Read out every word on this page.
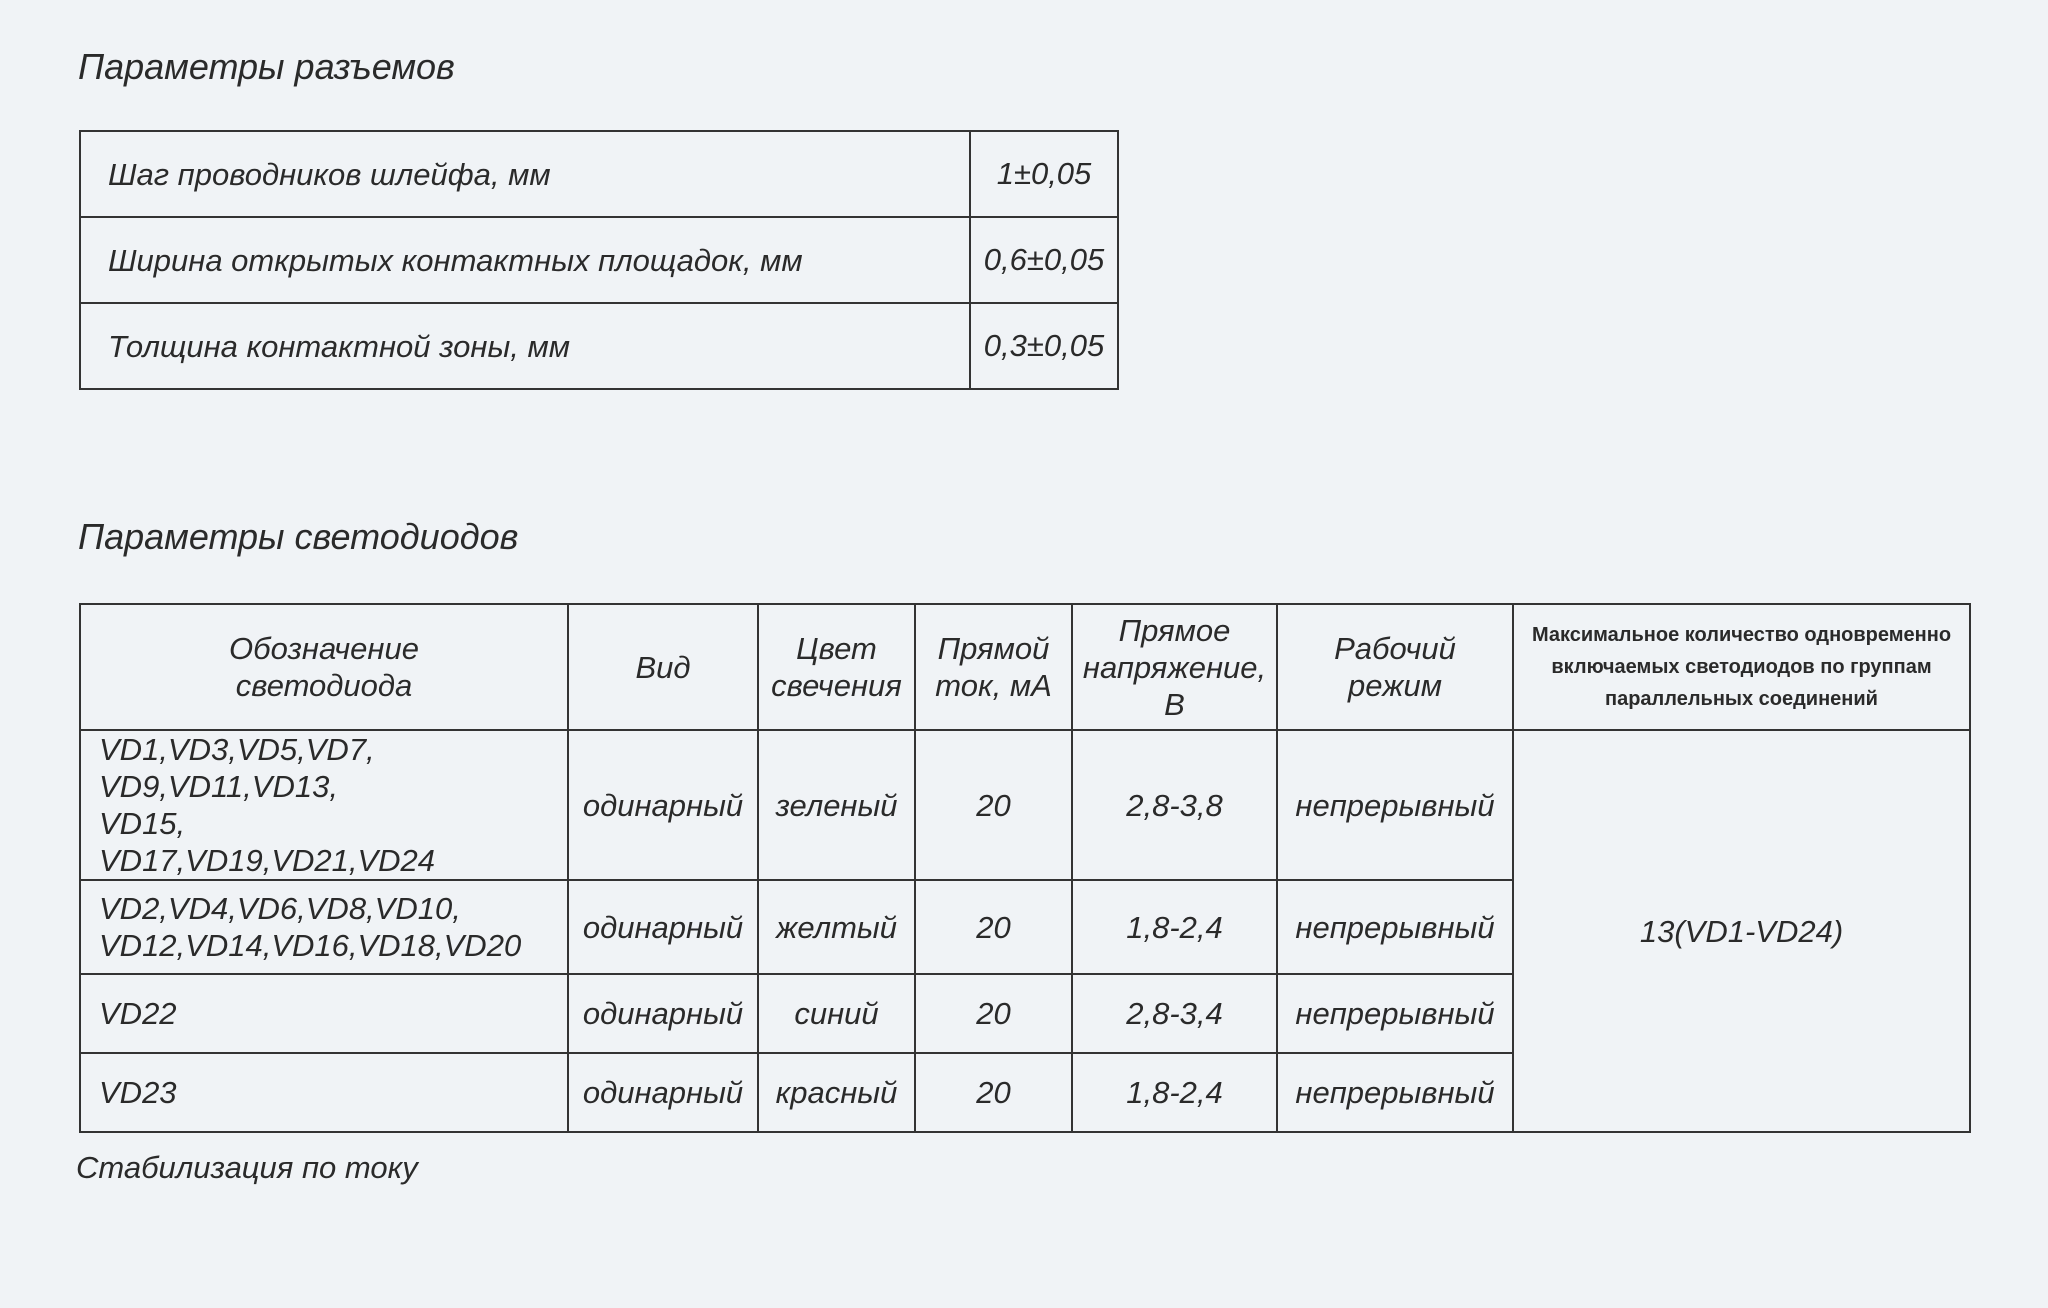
Параметры разъемов
Шаг проводников шлейфа, мм	1±0,05
Ширина открытых контактных площадок, мм	0,6±0,05
Толщина контактной зоны, мм	0,3±0,05
Параметры светодиодов
Обозначение светодиода	Вид	Цвет свечения	Прямой ток, мА	Прямое напряжение, В	Рабочий режим	Максимальное количество одновременно включаемых светодиодов по группам параллельных соединений
VD1,VD3,VD5,VD7, VD9,VD11,VD13, VD15, VD17,VD19,VD21,VD24	одинарный	зеленый	20	2,8-3,8	непрерывный	13(VD1-VD24)
VD2,VD4,VD6,VD8,VD10, VD12,VD14,VD16,VD18,VD20	одинарный	желтый	20	1,8-2,4	непрерывный	
VD22	одинарный	синий	20	2,8-3,4	непрерывный	
VD23	одинарный	красный	20	1,8-2,4	непрерывный	
Стабилизация по току
